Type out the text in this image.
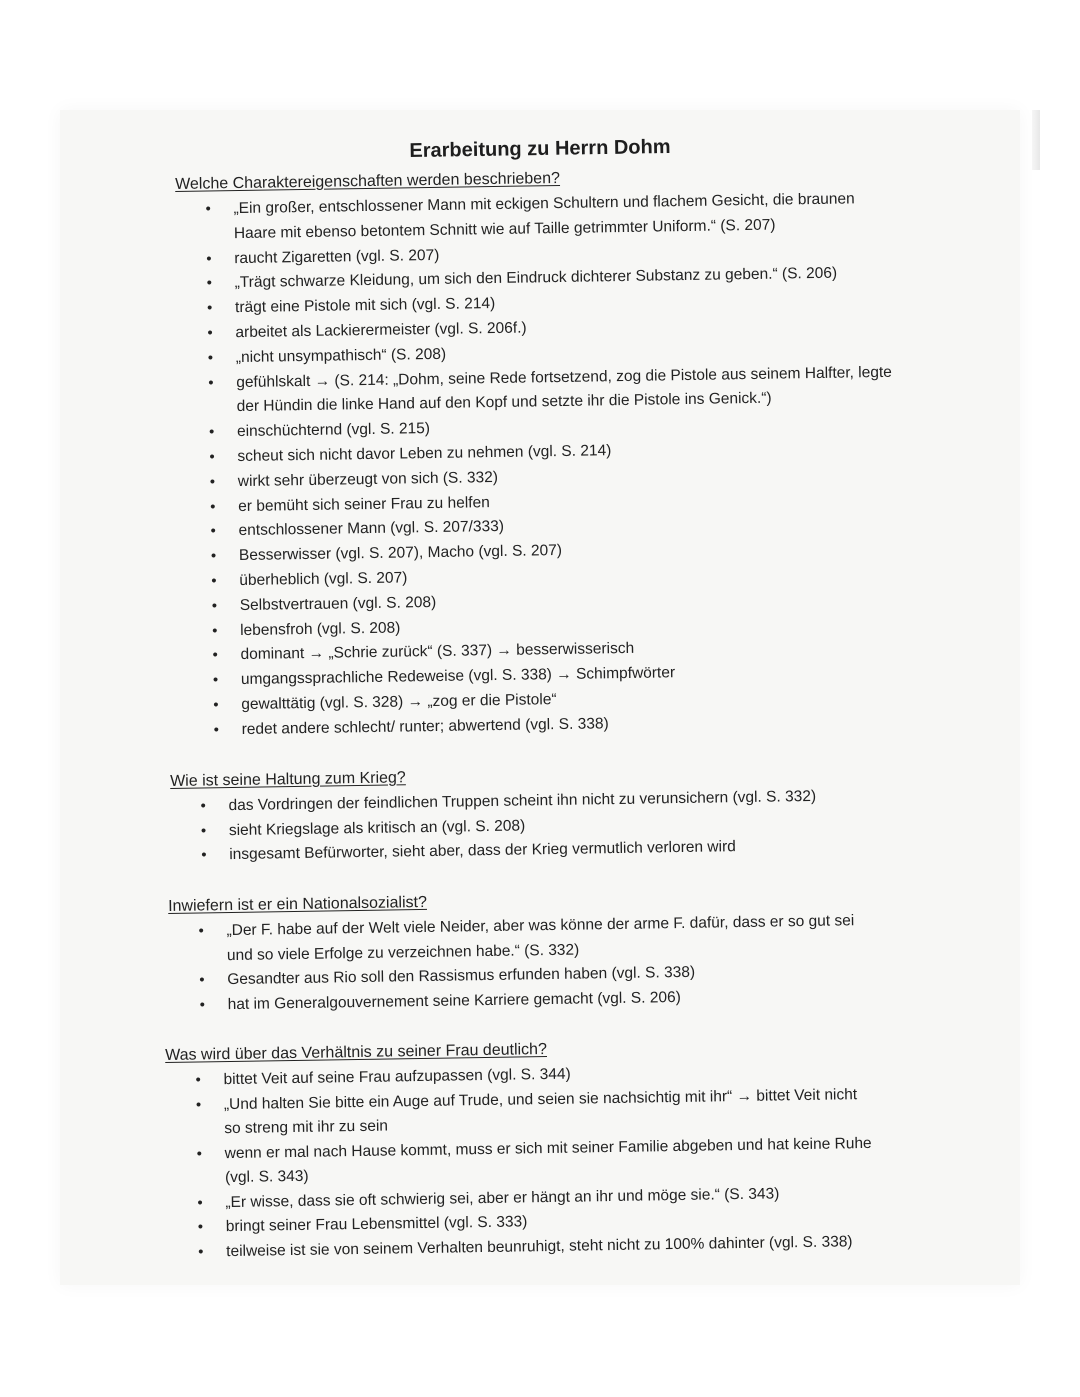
Erarbeitung zu Herrn Dohm
Welche Charaktereigenschaften werden beschrieben?
• „Ein großer, entschlossener Mann mit eckigen Schultern und flachem Gesicht, die braunen
Haare mit ebenso betontem Schnitt wie auf Taille getrimmter Uniform.“ (S. 207)
• raucht Zigaretten (vgl. S. 207)
• „Trägt schwarze Kleidung, um sich den Eindruck dichterer Substanz zu geben.“ (S. 206)
• trägt eine Pistole mit sich (vgl. S. 214)
• arbeitet als Lackierermeister (vgl. S. 206f.)
• „nicht unsympathisch“ (S. 208)
• gefühlskalt → (S. 214: „Dohm, seine Rede fortsetzend, zog die Pistole aus seinem Halfter, legte
der Hündin die linke Hand auf den Kopf und setzte ihr die Pistole ins Genick.“)
• einschüchternd (vgl. S. 215)
• scheut sich nicht davor Leben zu nehmen (vgl. S. 214)
• wirkt sehr überzeugt von sich (S. 332)
• er bemüht sich seiner Frau zu helfen
• entschlossener Mann (vgl. S. 207/333)
• Besserwisser (vgl. S. 207), Macho (vgl. S. 207)
• überheblich (vgl. S. 207)
• Selbstvertrauen (vgl. S. 208)
• lebensfroh (vgl. S. 208)
• dominant → „Schrie zurück“ (S. 337) → besserwisserisch
• umgangssprachliche Redeweise (vgl. S. 338) → Schimpfwörter
• gewalttätig (vgl. S. 328) → „zog er die Pistole“
• redet andere schlecht/ runter; abwertend (vgl. S. 338)
Wie ist seine Haltung zum Krieg?
• das Vordringen der feindlichen Truppen scheint ihn nicht zu verunsichern (vgl. S. 332)
• sieht Kriegslage als kritisch an (vgl. S. 208)
• insgesamt Befürworter, sieht aber, dass der Krieg vermutlich verloren wird
Inwiefern ist er ein Nationalsozialist?
• „Der F. habe auf der Welt viele Neider, aber was könne der arme F. dafür, dass er so gut sei
und so viele Erfolge zu verzeichnen habe.“ (S. 332)
• Gesandter aus Rio soll den Rassismus erfunden haben (vgl. S. 338)
• hat im Generalgouvernement seine Karriere gemacht (vgl. S. 206)
Was wird über das Verhältnis zu seiner Frau deutlich?
• bittet Veit auf seine Frau aufzupassen (vgl. S. 344)
• „Und halten Sie bitte ein Auge auf Trude, und seien sie nachsichtig mit ihr“ → bittet Veit nicht
so streng mit ihr zu sein
• wenn er mal nach Hause kommt, muss er sich mit seiner Familie abgeben und hat keine Ruhe
(vgl. S. 343)
• „Er wisse, dass sie oft schwierig sei, aber er hängt an ihr und möge sie.“ (S. 343)
• bringt seiner Frau Lebensmittel (vgl. S. 333)
• teilweise ist sie von seinem Verhalten beunruhigt, steht nicht zu 100% dahinter (vgl. S. 338)
